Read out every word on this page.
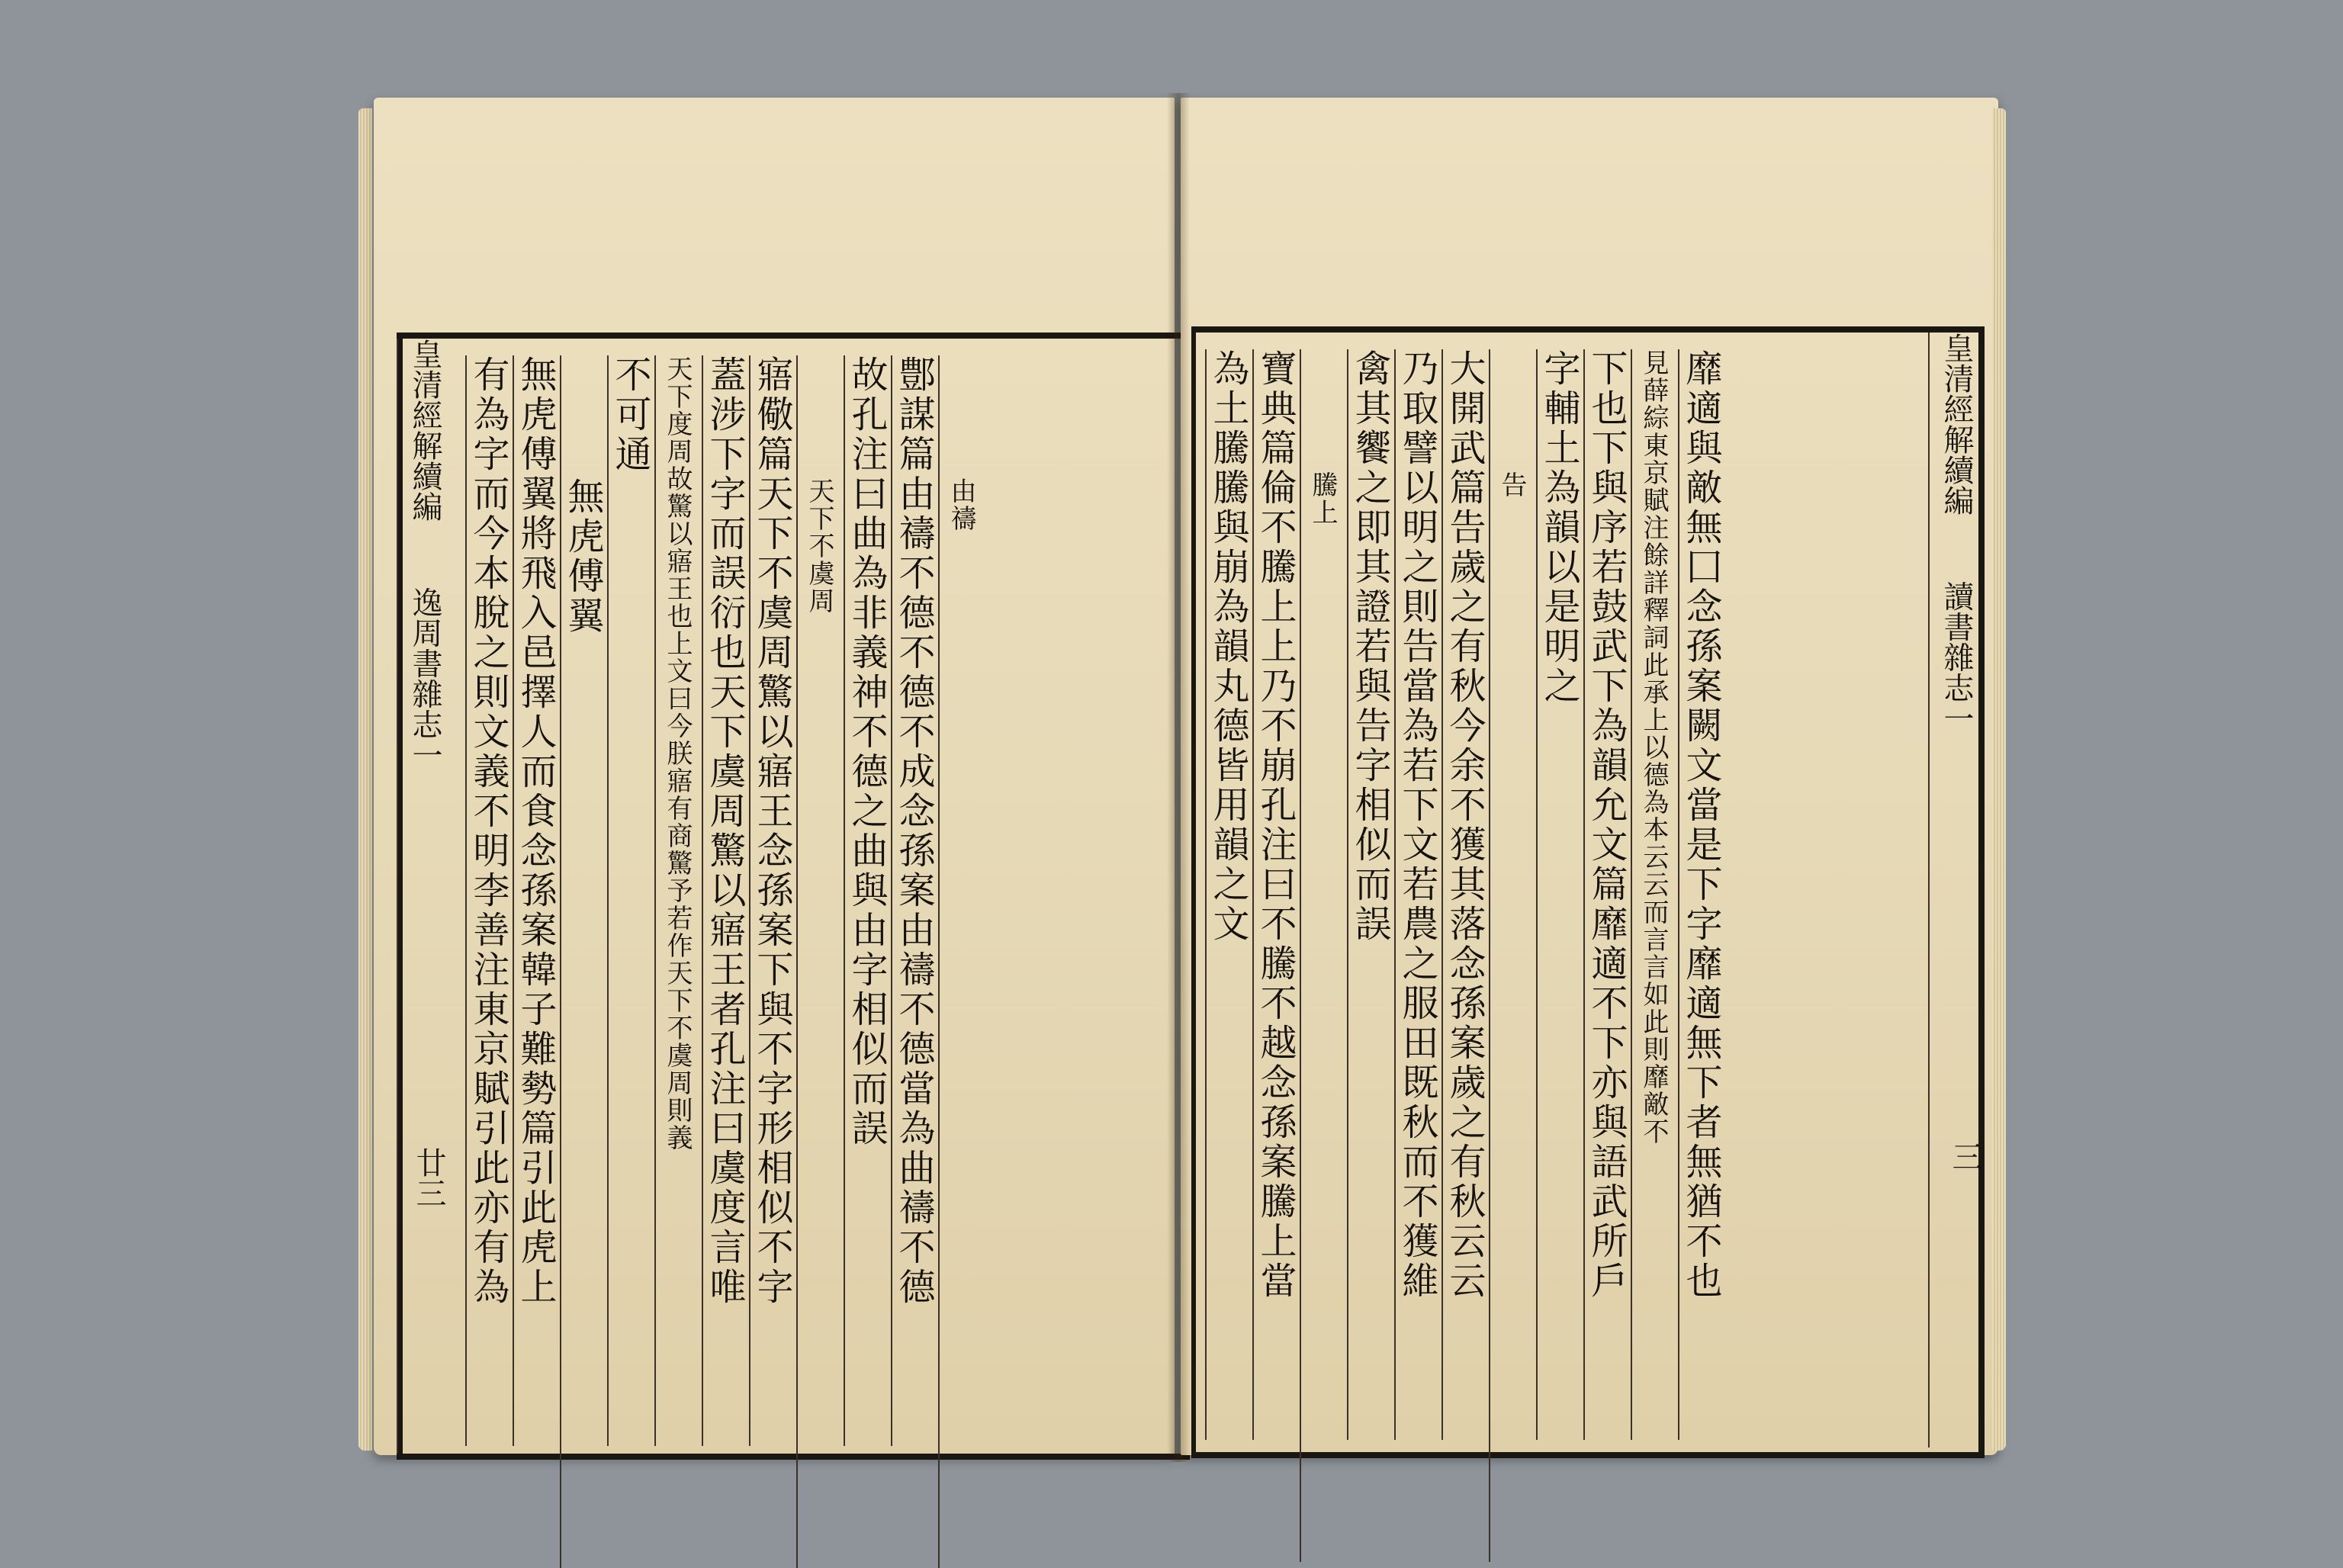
皇清經解續編  逸周書雜志一
廿三 有為字而今本脫之則文義不明李善注東京賦引此亦有為 無虎傅翼將飛入邑擇人而食念孫案韓子難勢篇引此虎上 無虎傅翼
不可通 天下度周故驚以寤王也上文曰今朕寤有商驚予若作天下不虞周則義 蓋涉下字而誤衍也天下虞周驚以寤王者孔注曰虞度言唯 寤儆篇天下不虞周驚以寤王念孫案下與不字形相似不字 天下不虞周 故孔注曰曲為非義神不德之曲與由字相似而誤 鄷謀篇由禱不德不德不成念孫案由禱不德當為曲禱不德 由禱	為土騰騰與崩為韻丸德皆用韻之文 寶典篇倫不騰上上乃不崩孔注曰不騰不越念孫案騰上當 騰上 禽其饗之即其證若與告字相似而誤 乃取譬以明之則告當為若下文若農之服田既秋而不獲維 大開武篇告歲之有秋今余不獲其落念孫案歲之有秋云云 告 字輔土為韻以是明之 下也下與序若鼓武下為韻允文篇靡適不下亦與語武所戶 見薛綜東京賦注餘詳釋詞此承上以德為本云云而言言如此則靡敵不 靡適與敵無囗念孫案闕文當是下字靡適無下者無猶不也	皇清經解續編  讀書雜志一
三
